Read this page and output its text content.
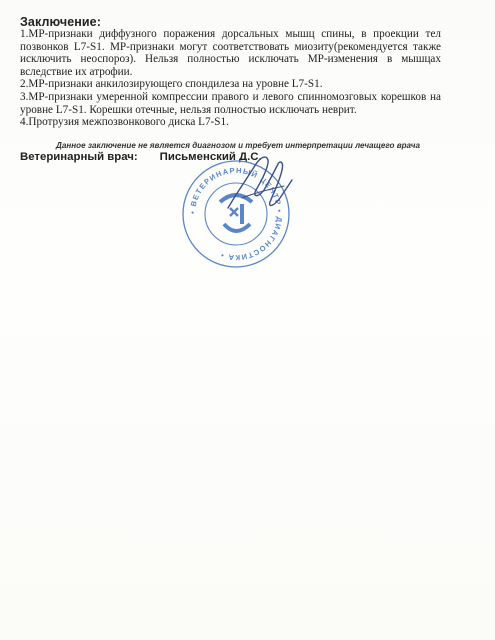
Заключение:

1.МР-признаки диффузного поражения дорсальных мышц спины, в проекции тел позвонков L7-S1. МР-признаки могут соответствовать миозиту(рекомендуется также исключить неоспороз). Нельзя полностью исключать МР-изменения в мышцах вследствие их атрофии.

2.МР-признаки анкилозирующего спондилеза на уровне L7-S1.

3.МР-признаки умеренной компрессии правого и левого спинномозговых корешков на уровне L7-S1. Корешки отечные, нельзя полностью исключать неврит.

4.Протрузия межпозвонкового диска L7-S1.

Данное заключение не является диагнозом и требует интерпретации лечащего врача
Ветеринарный врач: Письменский Д.С.
• ВЕТЕРИНАРНЫЙ ЦЕНТР • ДИАГНОСТИКА •
